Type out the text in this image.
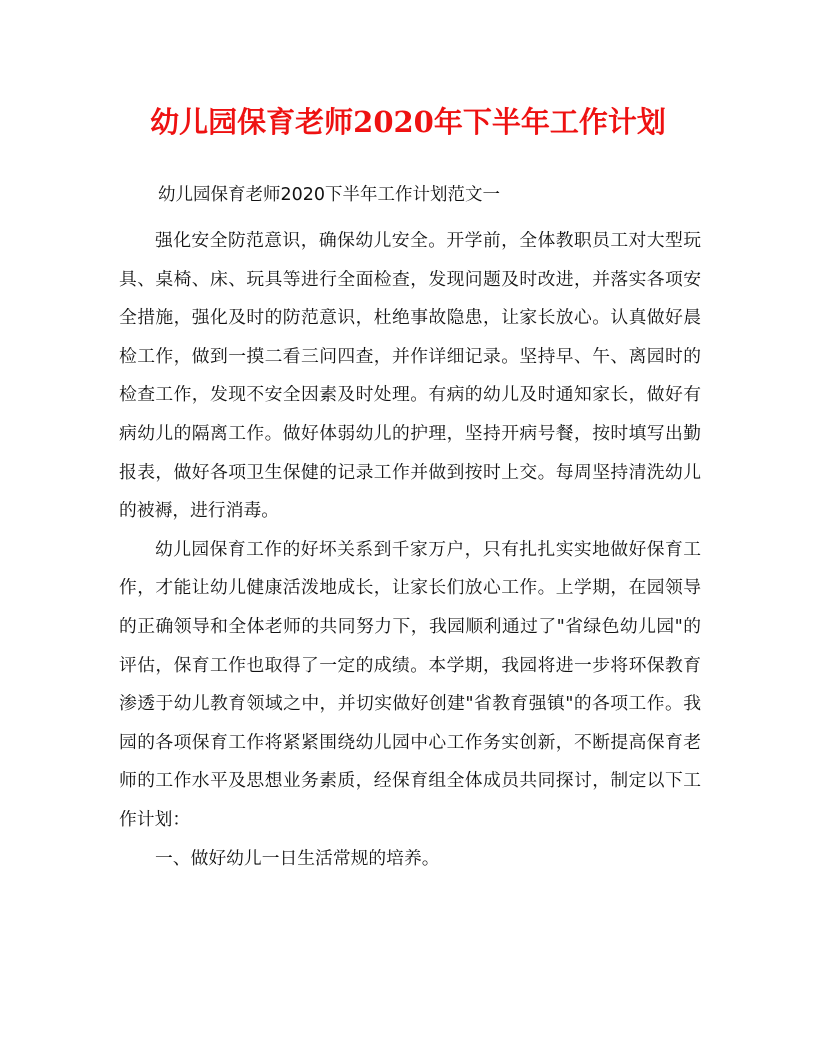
幼儿园保育老师2020年下半年工作计划
幼儿园保育老师2020下半年工作计划范文一

强化安全防范意识，确保幼儿安全。开学前，全体教职员工对大型玩具、桌椅、床、玩具等进行全面检查，发现问题及时改进，并落实各项安全措施，强化及时的防范意识，杜绝事故隐患，让家长放心。认真做好晨检工作，做到一摸二看三问四查，并作详细记录。坚持早、午、离园时的检查工作，发现不安全因素及时处理。有病的幼儿及时通知家长，做好有病幼儿的隔离工作。做好体弱幼儿的护理，坚持开病号餐，按时填写出勤报表，做好各项卫生保健的记录工作并做到按时上交。每周坚持清洗幼儿的被褥，进行消毒。

幼儿园保育工作的好坏关系到千家万户，只有扎扎实实地做好保育工作，才能让幼儿健康活泼地成长，让家长们放心工作。上学期，在园领导的正确领导和全体老师的共同努力下，我园顺利通过了"省绿色幼儿园"的评估，保育工作也取得了一定的成绩。本学期，我园将进一步将环保教育渗透于幼儿教育领域之中，并切实做好创建"省教育强镇"的各项工作。我园的各项保育工作将紧紧围绕幼儿园中心工作务实创新，不断提高保育老师的工作水平及思想业务素质，经保育组全体成员共同探讨，制定以下工作计划：

一、做好幼儿一日生活常规的培养。
